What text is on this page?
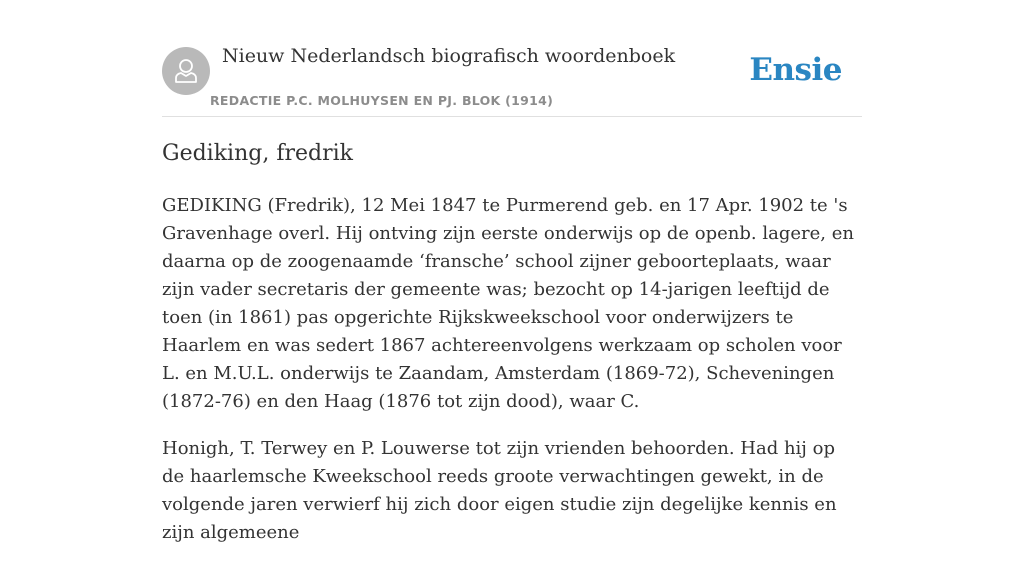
Nieuw Nederlandsch biografisch woordenboek
REDACTIE P.C. MOLHUYSEN EN PJ. BLOK (1914)
Ensie
Gediking, fredrik

GEDIKING (Fredrik), 12 Mei 1847 te Purmerend geb. en 17 Apr. 1902 te 's Gravenhage overl. Hij ontving zijn eerste onderwijs op de openb. lagere, en daarna op de zoogenaamde ‘fransche’ school zijner geboorteplaats, waar zijn vader secretaris der gemeente was; bezocht op 14-jarigen leeftijd de toen (in 1861) pas opgerichte Rijkskweekschool voor onderwijzers te Haarlem en was sedert 1867 achtereenvolgens werkzaam op scholen voor L. en M.U.L. onderwijs te Zaandam, Amsterdam (1869-72), Scheveningen (1872-76) en den Haag (1876 tot zijn dood), waar C.

Honigh, T. Terwey en P. Louwerse tot zijn vrienden behoorden. Had hij op de haarlemsche Kweekschool reeds groote verwachtingen gewekt, in de volgende jaren verwierf hij zich door eigen studie zijn degelijke kennis en zijn algemeene
